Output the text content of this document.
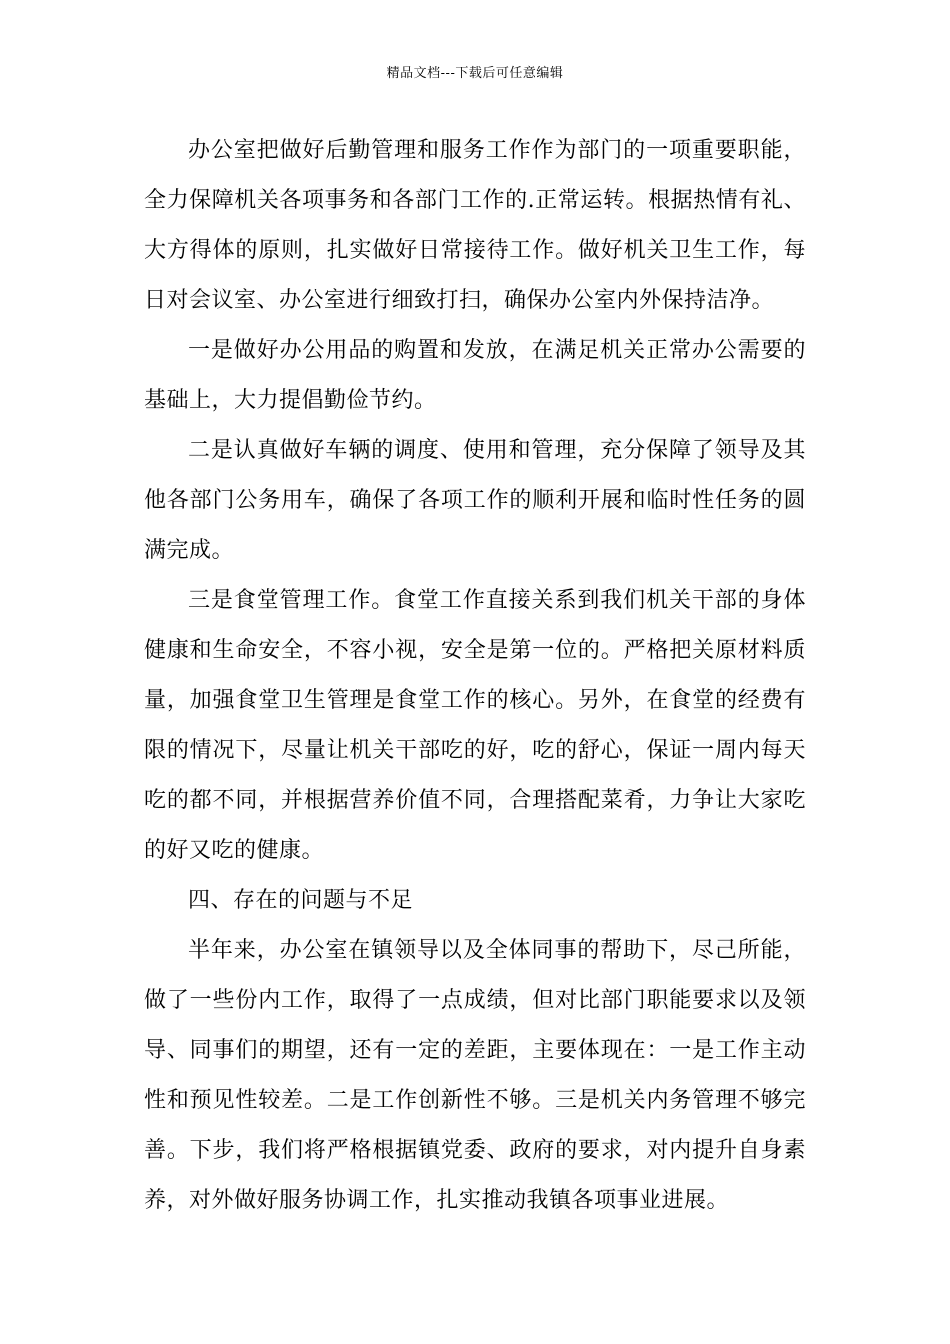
精品文档---下载后可任意编辑

办公室把做好后勤管理和服务工作作为部门的一项重要职能，全力保障机关各项事务和各部门工作的.正常运转。根据热情有礼、大方得体的原则，扎实做好日常接待工作。做好机关卫生工作，每日对会议室、办公室进行细致打扫，确保办公室内外保持洁净。

一是做好办公用品的购置和发放，在满足机关正常办公需要的基础上，大力提倡勤俭节约。

二是认真做好车辆的调度、使用和管理，充分保障了领导及其他各部门公务用车，确保了各项工作的顺利开展和临时性任务的圆满完成。

三是食堂管理工作。食堂工作直接关系到我们机关干部的身体健康和生命安全，不容小视，安全是第一位的。严格把关原材料质量，加强食堂卫生管理是食堂工作的核心。另外，在食堂的经费有限的情况下，尽量让机关干部吃的好，吃的舒心，保证一周内每天吃的都不同，并根据营养价值不同，合理搭配菜肴，力争让大家吃的好又吃的健康。

四、存在的问题与不足

半年来，办公室在镇领导以及全体同事的帮助下，尽己所能，做了一些份内工作，取得了一点成绩，但对比部门职能要求以及领导、同事们的期望，还有一定的差距，主要体现在：一是工作主动性和预见性较差。二是工作创新性不够。三是机关内务管理不够完善。下步，我们将严格根据镇党委、政府的要求，对内提升自身素养，对外做好服务协调工作，扎实推动我镇各项事业进展。
